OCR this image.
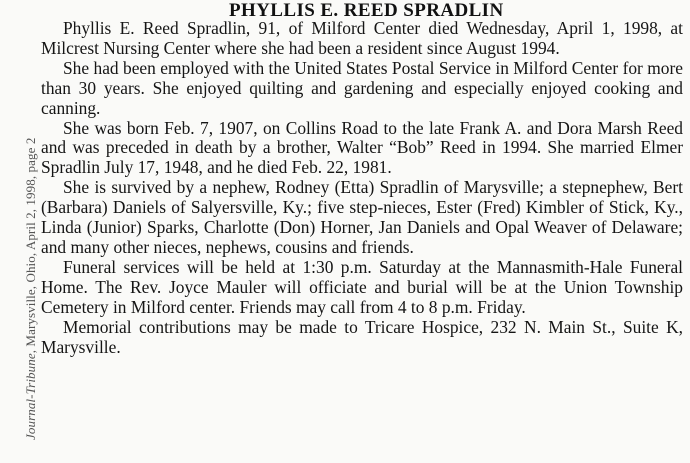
Journal-Tribune, Marysville, Ohio, April 2, 1998, page 2
PHYLLIS E. REED SPRADLIN

Phyllis E. Reed Spradlin, 91, of Milford Center died Wednesday, April 1, 1998, at Milcrest Nursing Center where she had been a resident since August 1994.

She had been employed with the United States Postal Service in Milford Center for more than 30 years. She enjoyed quilting and gardening and especially enjoyed cooking and canning.

She was born Feb. 7, 1907, on Collins Road to the late Frank A. and Dora Marsh Reed and was preceded in death by a brother, Walter “Bob” Reed in 1994. She married Elmer Spradlin July 17, 1948, and he died Feb. 22, 1981.

She is survived by a nephew, Rodney (Etta) Spradlin of Marysville; a stepnephew, Bert (Barbara) Daniels of Salyersville, Ky.; five step-nieces, Ester (Fred) Kimbler of Stick, Ky., Linda (Junior) Sparks, Charlotte (Don) Horner, Jan Daniels and Opal Weaver of Delaware; and many other nieces, nephews, cousins and friends.

Funeral services will be held at 1:30 p.m. Saturday at the Mannasmith-Hale Funeral Home. The Rev. Joyce Mauler will officiate and burial will be at the Union Township Cemetery in Milford center. Friends may call from 4 to 8 p.m. Friday.

Memorial contributions may be made to Tricare Hospice, 232 N. Main St., Suite K, Marysville.
